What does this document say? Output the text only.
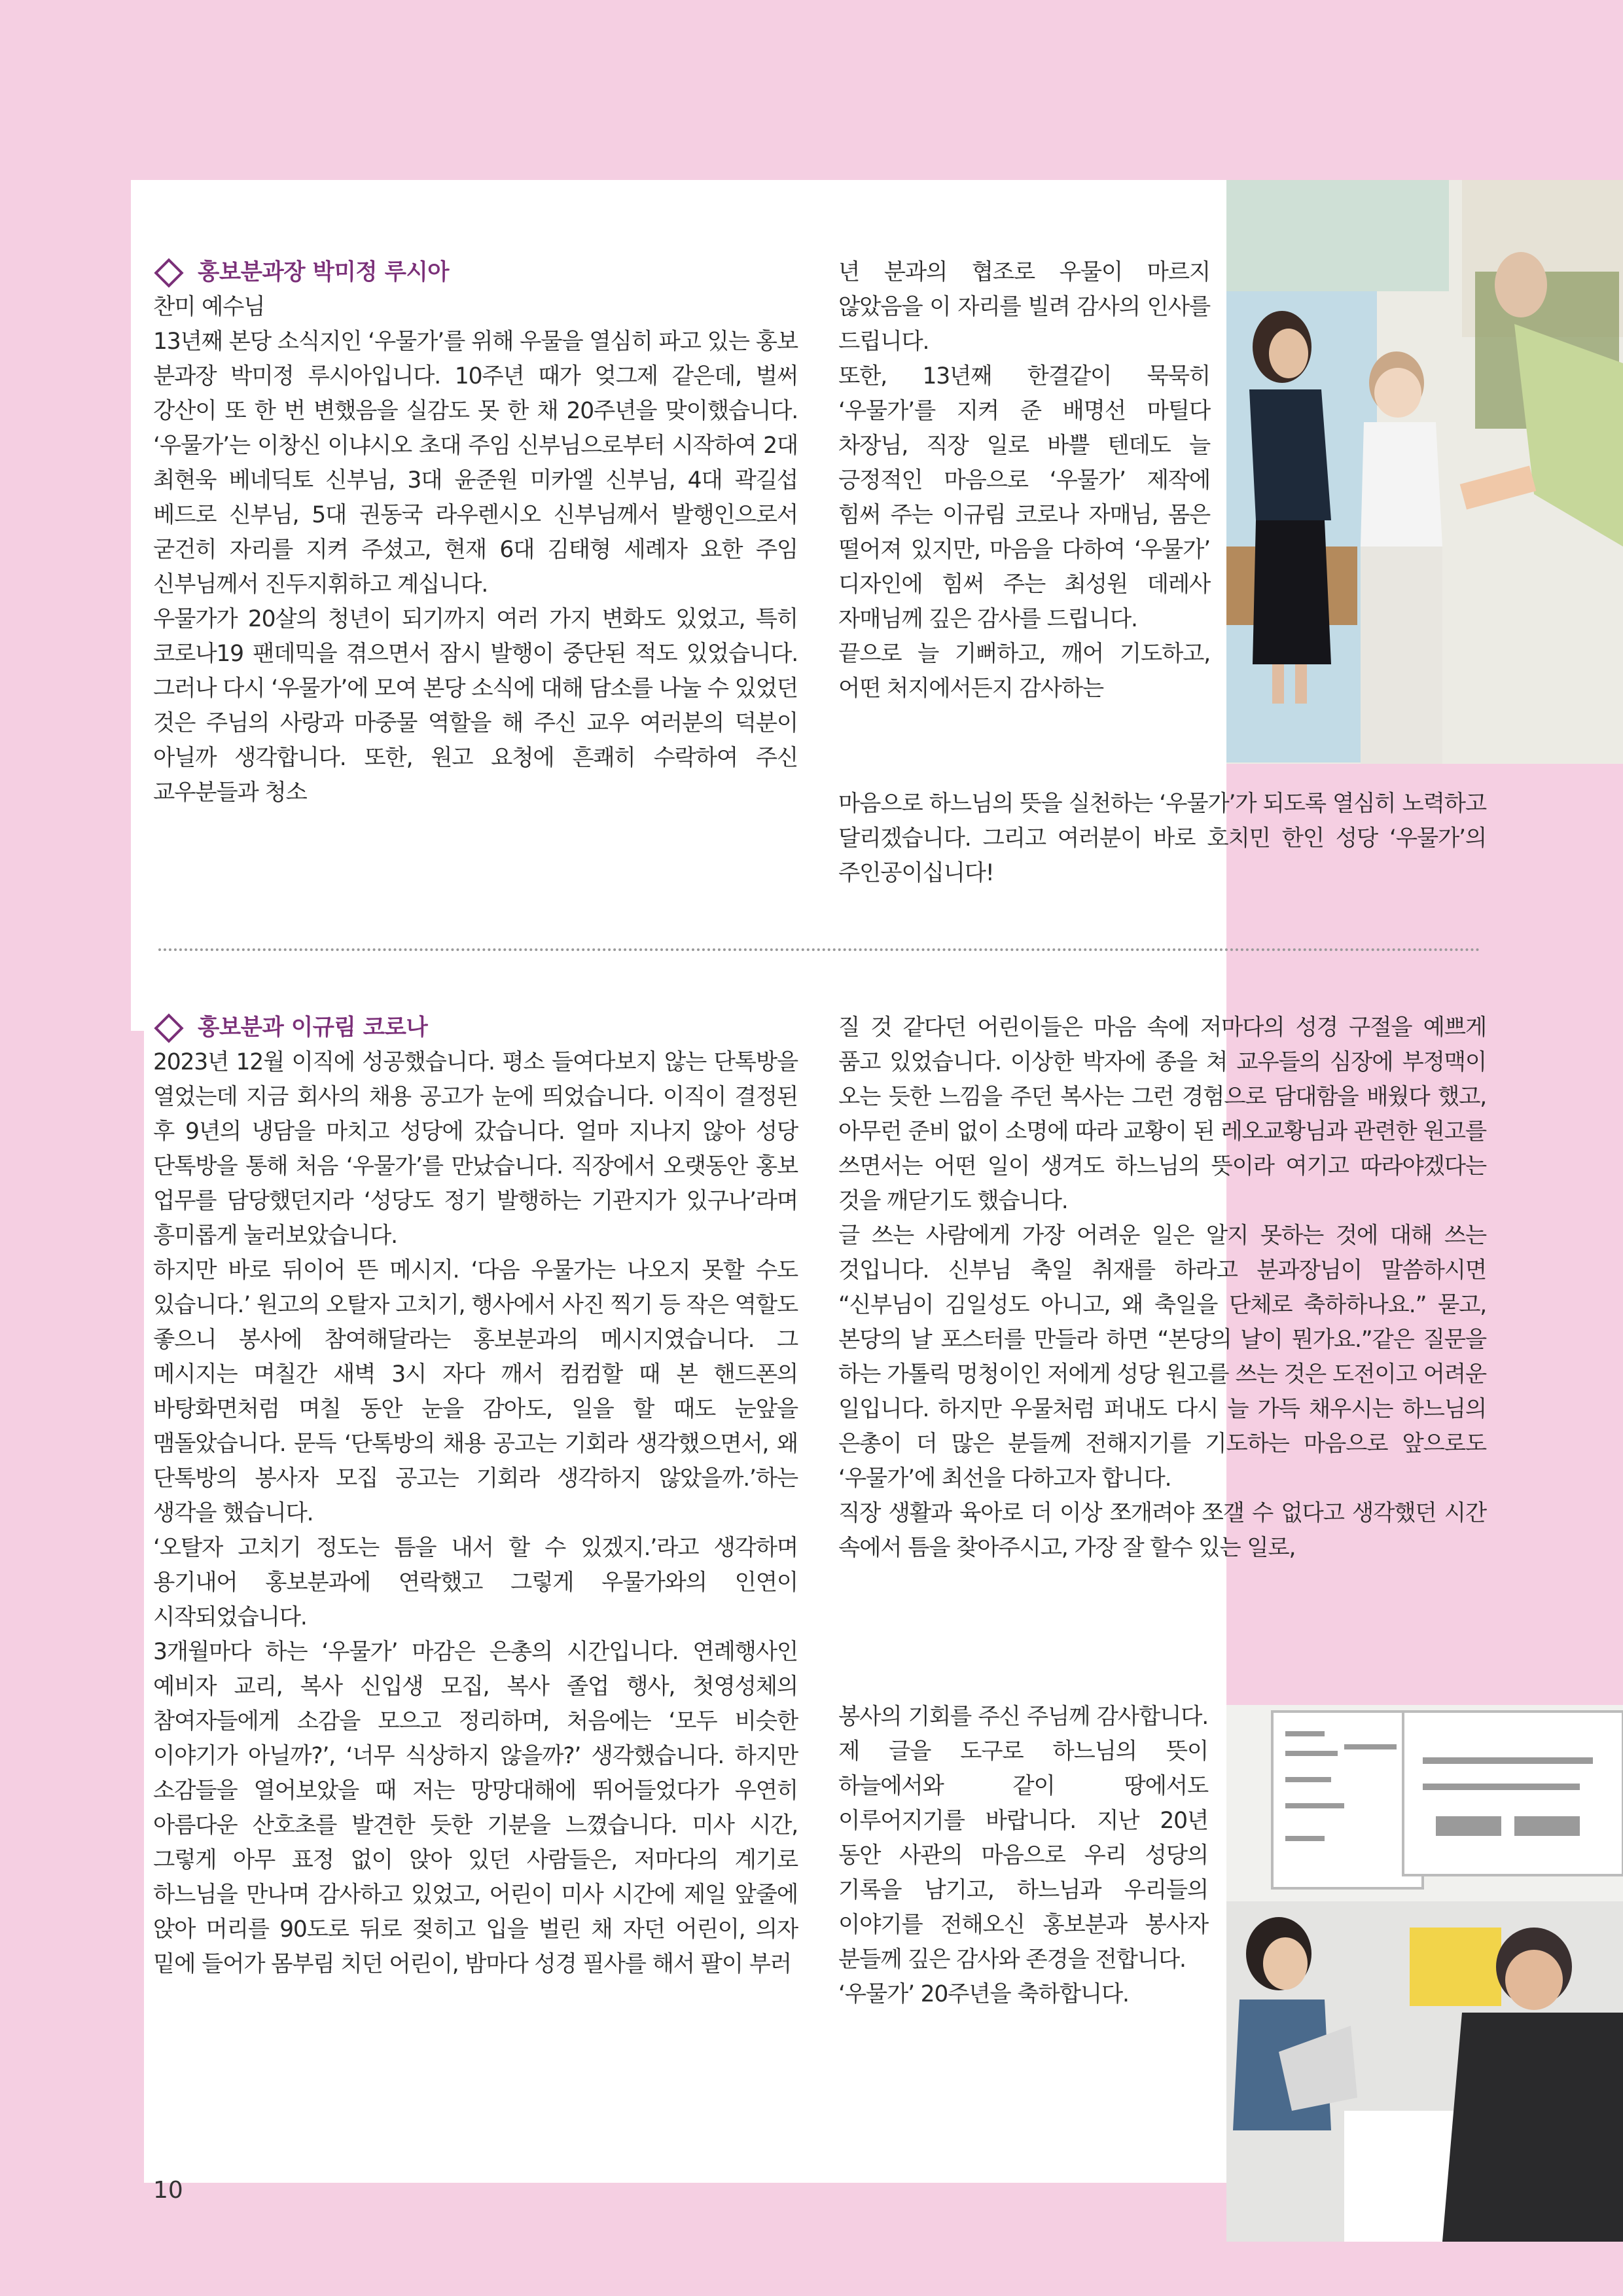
홍보분과장 박미정 루시아

찬미 예수님

13년째 본당 소식지인 ‘우물가’를 위해 우물을 열심히 파고 있는 홍보 분과장 박미정 루시아입니다. 10주년 때가 엊그제 같은데, 벌써 강산이 또 한 번 변했음을 실감도 못 한 채 20주년을 맞이했습니다. ‘우물가’는 이창신 이냐시오 초대 주임 신부님으로부터 시작하여 2대 최현욱 베네딕토 신부님, 3대 윤준원 미카엘 신부님, 4대 곽길섭 베드로 신부님, 5대 권동국 라우렌시오 신부님께서 발행인으로서 굳건히 자리를 지켜 주셨고, 현재 6대 김태형 세례자 요한 주임 신부님께서 진두지휘하고 계십니다.

우물가가 20살의 청년이 되기까지 여러 가지 변화도 있었고, 특히 코로나19 팬데믹을 겪으면서 잠시 발행이 중단된 적도 있었습니다. 그러나 다시 ‘우물가’에 모여 본당 소식에 대해 담소를 나눌 수 있었던 것은 주님의 사랑과 마중물 역할을 해 주신 교우 여러분의 덕분이 아닐까 생각합니다. 또한, 원고 요청에 흔쾌히 수락하여 주신 교우분들과 청소

년 분과의 협조로 우물이 마르지 않았음을 이 자리를 빌려 감사의 인사를 드립니다.

또한, 13년째 한결같이 묵묵히 ‘우물가’를 지켜 준 배명선 마틸다 차장님, 직장 일로 바쁠 텐데도 늘 긍정적인 마음으로 ‘우물가’ 제작에 힘써 주는 이규림 코로나 자매님, 몸은 떨어져 있지만, 마음을 다하여 ‘우물가’ 디자인에 힘써 주는 최성원 데레사 자매님께 깊은 감사를 드립니다.

끝으로 늘 기뻐하고, 깨어 기도하고, 어떤 처지에서든지 감사하는

마음으로 하느님의 뜻을 실천하는 ‘우물가’가 되도록 열심히 노력하고 달리겠습니다. 그리고 여러분이 바로 호치민 한인 성당 ‘우물가’의 주인공이십니다!

홍보분과 이규림 코로나

2023년 12월 이직에 성공했습니다. 평소 들여다보지 않는 단톡방을 열었는데 지금 회사의 채용 공고가 눈에 띄었습니다. 이직이 결정된 후 9년의 냉담을 마치고 성당에 갔습니다. 얼마 지나지 않아 성당 단톡방을 통해 처음 ‘우물가’를 만났습니다. 직장에서 오랫동안 홍보 업무를 담당했던지라 ‘성당도 정기 발행하는 기관지가 있구나’라며 흥미롭게 눌러보았습니다.

하지만 바로 뒤이어 뜬 메시지. ‘다음 우물가는 나오지 못할 수도 있습니다.’ 원고의 오탈자 고치기, 행사에서 사진 찍기 등 작은 역할도 좋으니 봉사에 참여해달라는 홍보분과의 메시지였습니다. 그 메시지는 며칠간 새벽 3시 자다 깨서 컴컴할 때 본 핸드폰의 바탕화면처럼 며칠 동안 눈을 감아도, 일을 할 때도 눈앞을 맴돌았습니다. 문득 ‘단톡방의 채용 공고는 기회라 생각했으면서, 왜 단톡방의 봉사자 모집 공고는 기회라 생각하지 않았을까.’하는 생각을 했습니다.

‘오탈자 고치기 정도는 틈을 내서 할 수 있겠지.’라고 생각하며 용기내어 홍보분과에 연락했고 그렇게 우물가와의 인연이 시작되었습니다.

3개월마다 하는 ‘우물가’ 마감은 은총의 시간입니다. 연례행사인 예비자 교리, 복사 신입생 모집, 복사 졸업 행사, 첫영성체의 참여자들에게 소감을 모으고 정리하며, 처음에는 ‘모두 비슷한 이야기가 아닐까?’, ‘너무 식상하지 않을까?’ 생각했습니다. 하지만 소감들을 열어보았을 때 저는 망망대해에 뛰어들었다가 우연히 아름다운 산호초를 발견한 듯한 기분을 느꼈습니다. 미사 시간, 그렇게 아무 표정 없이 앉아 있던 사람들은, 저마다의 계기로 하느님을 만나며 감사하고 있었고, 어린이 미사 시간에 제일 앞줄에 앉아 머리를 90도로 뒤로 젖히고 입을 벌린 채 자던 어린이, 의자 밑에 들어가 몸부림 치던 어린이, 밤마다 성경 필사를 해서 팔이 부러

질 것 같다던 어린이들은 마음 속에 저마다의 성경 구절을 예쁘게 품고 있었습니다. 이상한 박자에 종을 쳐 교우들의 심장에 부정맥이 오는 듯한 느낌을 주던 복사는 그런 경험으로 담대함을 배웠다 했고, 아무런 준비 없이 소명에 따라 교황이 된 레오교황님과 관련한 원고를 쓰면서는 어떤 일이 생겨도 하느님의 뜻이라 여기고 따라야겠다는 것을 깨닫기도 했습니다.

글 쓰는 사람에게 가장 어려운 일은 알지 못하는 것에 대해 쓰는 것입니다. 신부님 축일 취재를 하라고 분과장님이 말씀하시면 “신부님이 김일성도 아니고, 왜 축일을 단체로 축하하나요.” 묻고, 본당의 날 포스터를 만들라 하면 “본당의 날이 뭔가요.”같은 질문을 하는 가톨릭 멍청이인 저에게 성당 원고를 쓰는 것은 도전이고 어려운 일입니다. 하지만 우물처럼 퍼내도 다시 늘 가득 채우시는 하느님의 은총이 더 많은 분들께 전해지기를 기도하는 마음으로 앞으로도 ‘우물가’에 최선을 다하고자 합니다.

직장 생활과 육아로 더 이상 쪼개려야 쪼갤 수 없다고 생각했던 시간 속에서 틈을 찾아주시고, 가장 잘 할수 있는 일로,

봉사의 기회를 주신 주님께 감사합니다. 제 글을 도구로 하느님의 뜻이 하늘에서와 같이 땅에서도 이루어지기를 바랍니다. 지난 20년 동안 사관의 마음으로 우리 성당의 기록을 남기고, 하느님과 우리들의 이야기를 전해오신 홍보분과 봉사자 분들께 깊은 감사와 존경을 전합니다.

‘우물가’ 20주년을 축하합니다.

10
